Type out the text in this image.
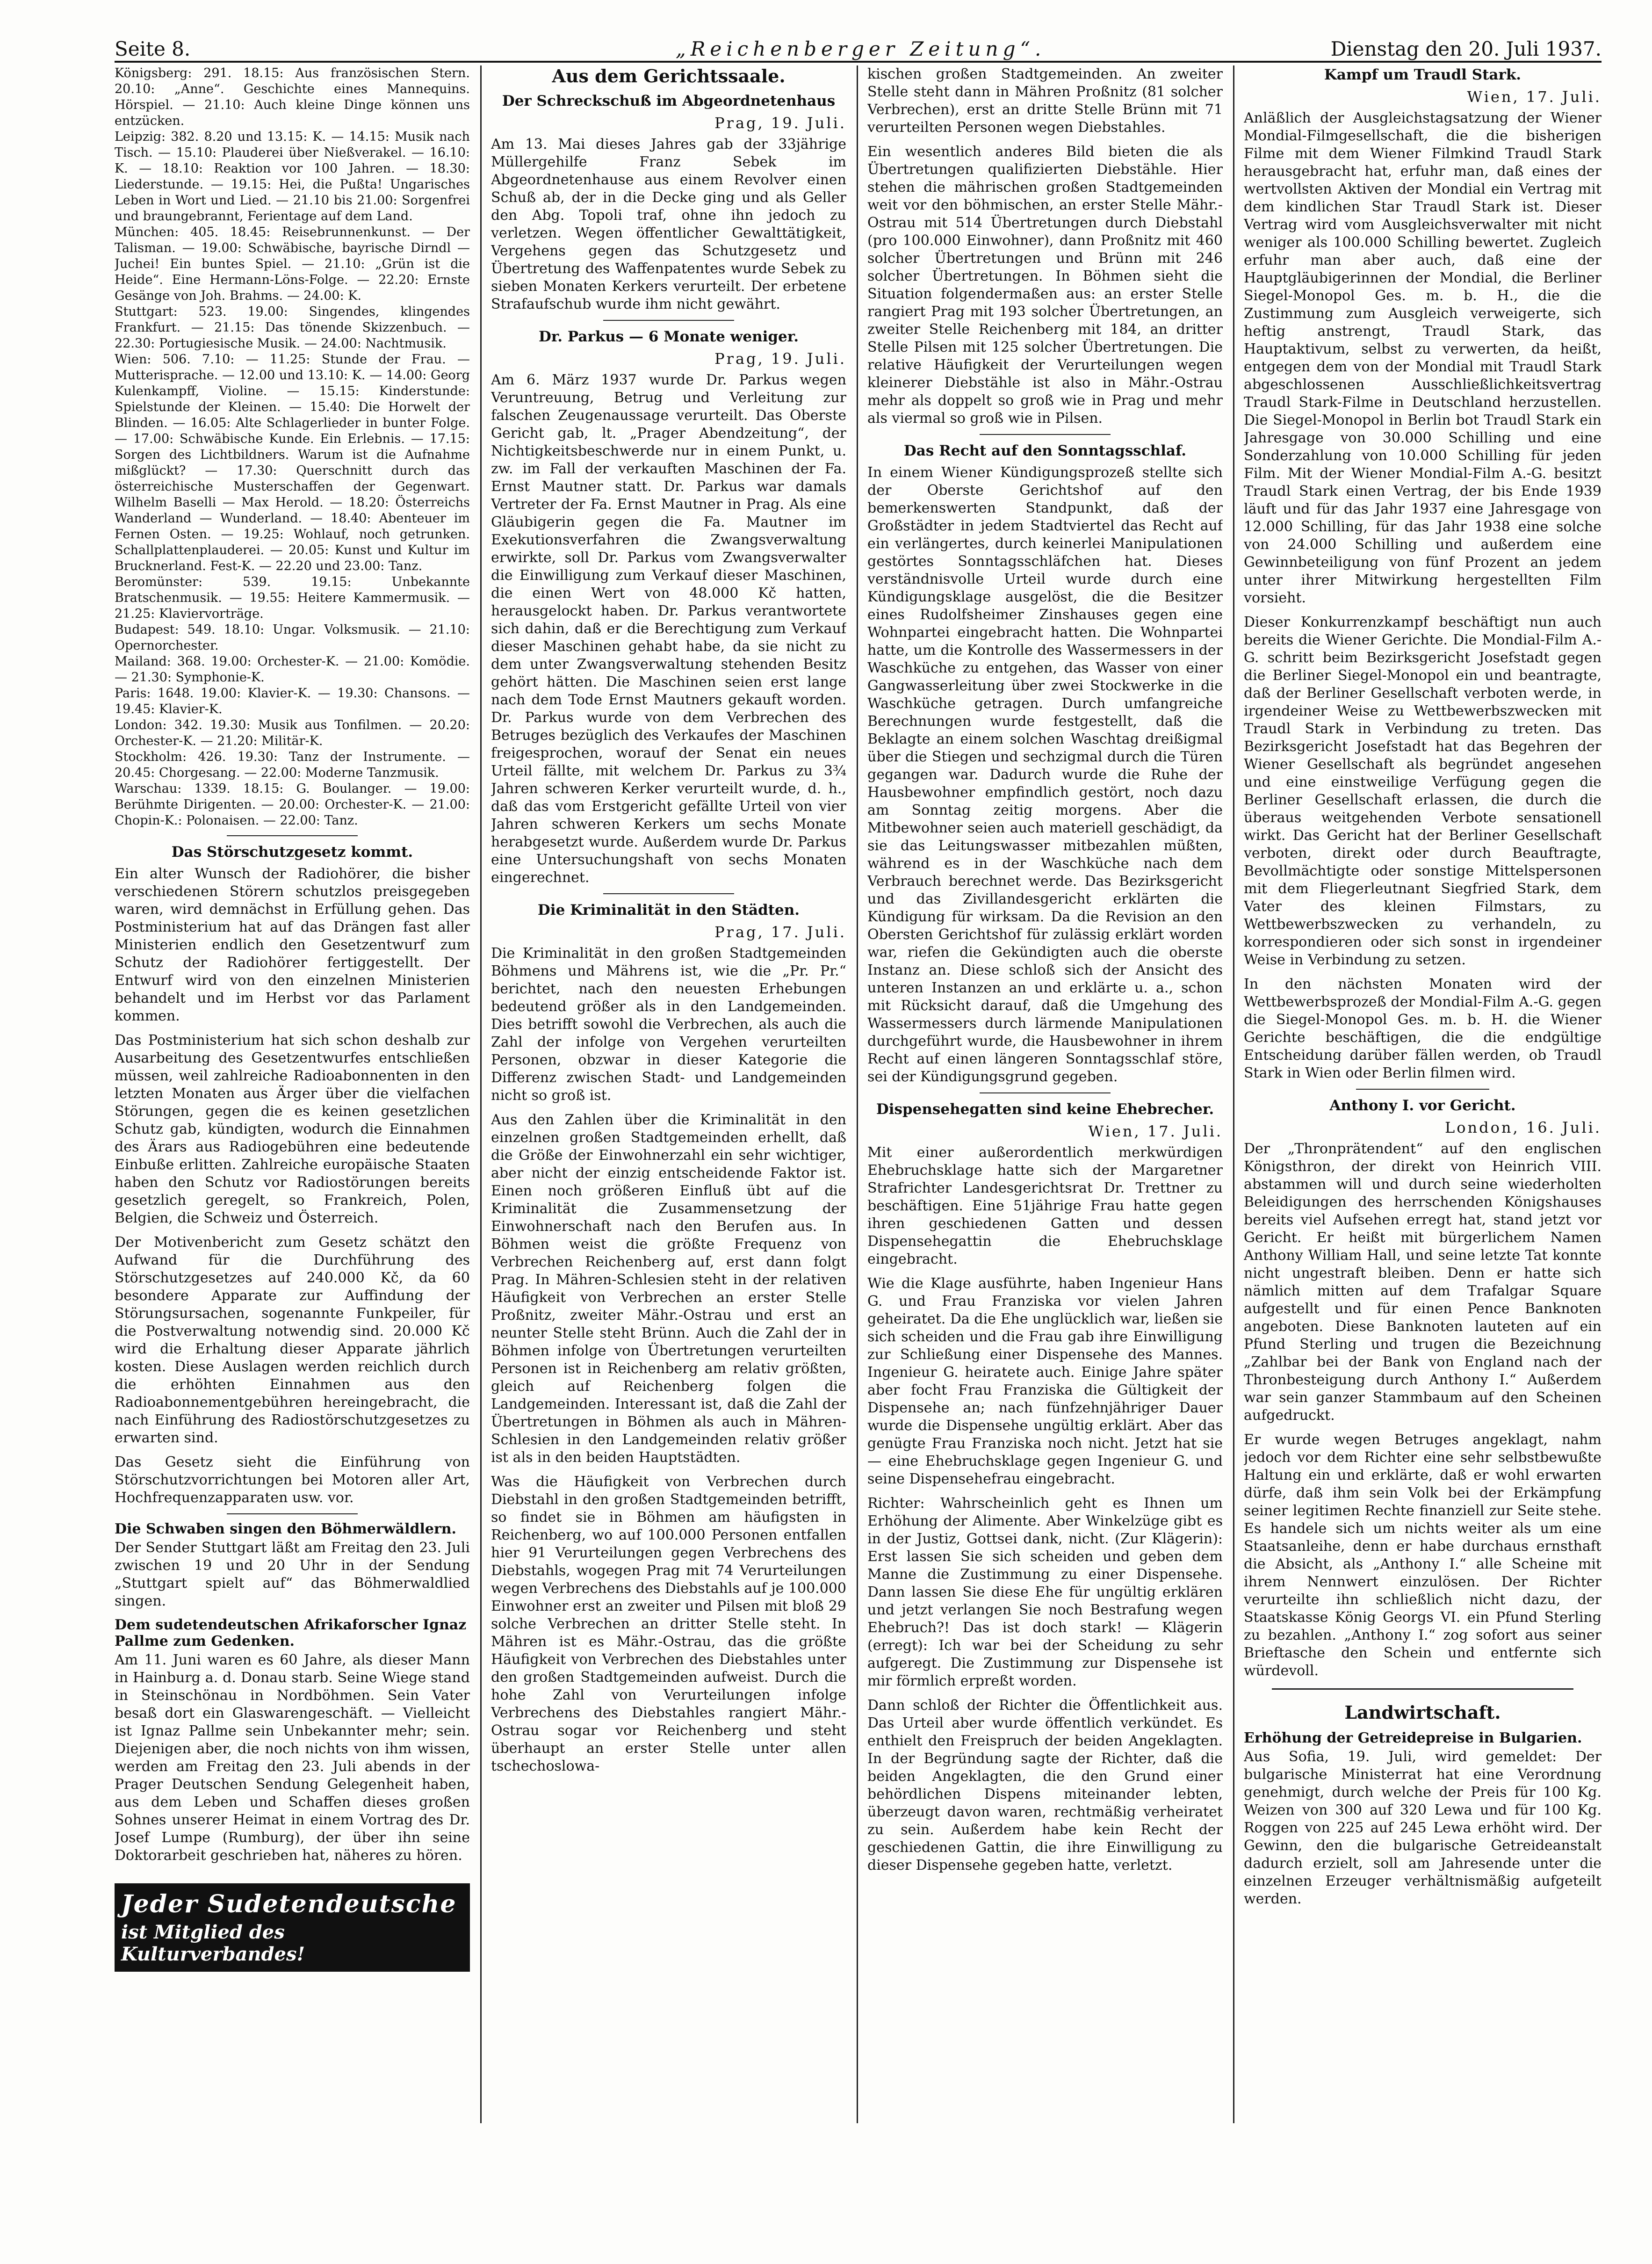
Seite 8.	„Reichenberger Zeitung“.	Dienstag den 20. Juli 1937.

Königsberg: 291. 18.15: Aus französischen Stern. 20.10: „Anne“. Geschichte eines Mannequins. Hörspiel. — 21.10: Auch kleine Dinge können uns entzücken.

Leipzig: 382. 8.20 und 13.15: K. — 14.15: Musik nach Tisch. — 15.10: Plauderei über Nießverakel. — 16.10: K. — 18.10: Reaktion vor 100 Jahren. — 18.30: Liederstunde. — 19.15: Hei, die Pußta! Ungarisches Leben in Wort und Lied. — 21.10 bis 21.00: Sorgenfrei und braungebrannt, Ferientage auf dem Land.

München: 405. 18.45: Reisebrunnenkunst. — Der Talisman. — 19.00: Schwäbische, bayrische Dirndl — Juchei! Ein buntes Spiel. — 21.10: „Grün ist die Heide“. Eine Hermann-Löns-Folge. — 22.20: Ernste Gesänge von Joh. Brahms. — 24.00: K.

Stuttgart: 523. 19.00: Singendes, klingendes Frankfurt. — 21.15: Das tönende Skizzenbuch. — 22.30: Portugiesische Musik. — 24.00: Nachtmusik.

Wien: 506. 7.10: — 11.25: Stunde der Frau. — Mutterisprache. — 12.00 und 13.10: K. — 14.00: Georg Kulenkampff, Violine. — 15.15: Kinderstunde: Spielstunde der Kleinen. — 15.40: Die Horwelt der Blinden. — 16.05: Alte Schlagerlieder in bunter Folge. — 17.00: Schwäbische Kunde. Ein Erlebnis. — 17.15: Sorgen des Lichtbildners. Warum ist die Aufnahme mißglückt? — 17.30: Querschnitt durch das österreichische Musterschaffen der Gegenwart. Wilhelm Baselli — Max Herold. — 18.20: Österreichs Wanderland — Wunderland. — 18.40: Abenteuer im Fernen Osten. — 19.25: Wohlauf, noch getrunken. Schallplattenplauderei. — 20.05: Kunst und Kultur im Brucknerland. Fest-K. — 22.20 und 23.00: Tanz.

Beromünster: 539. 19.15: Unbekannte Bratschenmusik. — 19.55: Heitere Kammermusik. — 21.25: Klaviervorträge.

Budapest: 549. 18.10: Ungar. Volksmusik. — 21.10: Opernorchester.

Mailand: 368. 19.00: Orchester-K. — 21.00: Komödie. — 21.30: Symphonie-K.

Paris: 1648. 19.00: Klavier-K. — 19.30: Chansons. — 19.45: Klavier-K.

London: 342. 19.30: Musik aus Tonfilmen. — 20.20: Orchester-K. — 21.20: Militär-K.

Stockholm: 426. 19.30: Tanz der Instrumente. — 20.45: Chorgesang. — 22.00: Moderne Tanzmusik.

Warschau: 1339. 18.15: G. Boulanger. — 19.00: Berühmte Dirigenten. — 20.00: Orchester-K. — 21.00: Chopin-K.: Polonaisen. — 22.00: Tanz.

Das Störschutzgesetz kommt.

Ein alter Wunsch der Radiohörer, die bisher verschiedenen Störern schutzlos preisgegeben waren, wird demnächst in Erfüllung gehen. Das Postministerium hat auf das Drängen fast aller Ministerien endlich den Gesetzentwurf zum Schutz der Radiohörer fertiggestellt. Der Entwurf wird von den einzelnen Ministerien behandelt und im Herbst vor das Parlament kommen.

Das Postministerium hat sich schon deshalb zur Ausarbeitung des Gesetzentwurfes entschließen müssen, weil zahlreiche Radioabonnenten in den letzten Monaten aus Ärger über die vielfachen Störungen, gegen die es keinen gesetzlichen Schutz gab, kündigten, wodurch die Einnahmen des Ärars aus Radiogebühren eine bedeutende Einbuße erlitten. Zahlreiche europäische Staaten haben den Schutz vor Radiostörungen bereits gesetzlich geregelt, so Frankreich, Polen, Belgien, die Schweiz und Österreich.

Der Motivenbericht zum Gesetz schätzt den Aufwand für die Durchführung des Störschutzgesetzes auf 240.000 Kč, da 60 besondere Apparate zur Auffindung der Störungsursachen, sogenannte Funkpeiler, für die Postverwaltung notwendig sind. 20.000 Kč wird die Erhaltung dieser Apparate jährlich kosten. Diese Auslagen werden reichlich durch die erhöhten Einnahmen aus den Radioabonnementgebühren hereingebracht, die nach Einführung des Radiostörschutzgesetzes zu erwarten sind.

Das Gesetz sieht die Einführung von Störschutzvorrichtungen bei Motoren aller Art, Hochfrequenzapparaten usw. vor.

Die Schwaben singen den Böhmerwäldlern.

Der Sender Stuttgart läßt am Freitag den 23. Juli zwischen 19 und 20 Uhr in der Sendung „Stuttgart spielt auf“ das Böhmerwaldlied singen.

Dem sudetendeutschen Afrikaforscher Ignaz Pallme zum Gedenken.

Am 11. Juni waren es 60 Jahre, als dieser Mann in Hainburg a. d. Donau starb. Seine Wiege stand in Steinschönau in Nordböhmen. Sein Vater besaß dort ein Glaswarengeschäft. — Vielleicht ist Ignaz Pallme sein Unbekannter mehr; sein. Diejenigen aber, die noch nichts von ihm wissen, werden am Freitag den 23. Juli abends in der Prager Deutschen Sendung Gelegenheit haben, aus dem Leben und Schaffen dieses großen Sohnes unserer Heimat in einem Vortrag des Dr. Josef Lumpe (Rumburg), der über ihn seine Doktorarbeit geschrieben hat, näheres zu hören.

Jeder Sudetendeutsche
ist Mitglied des Kulturverbandes!
Aus dem Gerichtssaale.
Der Schreckschuß im Abgeordnetenhaus
Prag, 19. Juli.

Am 13. Mai dieses Jahres gab der 33jährige Müllergehilfe Franz Sebek im Abgeordnetenhause aus einem Revolver einen Schuß ab, der in die Decke ging und als Geller den Abg. Topoli traf, ohne ihn jedoch zu verletzen. Wegen öffentlicher Gewalttätigkeit, Vergehens gegen das Schutzgesetz und Übertretung des Waffenpatentes wurde Sebek zu sieben Monaten Kerkers verurteilt. Der erbetene Strafaufschub wurde ihm nicht gewährt.

Dr. Parkus — 6 Monate weniger.
Prag, 19. Juli.

Am 6. März 1937 wurde Dr. Parkus wegen Veruntreuung, Betrug und Verleitung zur falschen Zeugenaussage verurteilt. Das Oberste Gericht gab, lt. „Prager Abendzeitung“, der Nichtigkeitsbeschwerde nur in einem Punkt, u. zw. im Fall der verkauften Maschinen der Fa. Ernst Mautner statt. Dr. Parkus war damals Vertreter der Fa. Ernst Mautner in Prag. Als eine Gläubigerin gegen die Fa. Mautner im Exekutionsverfahren die Zwangsverwaltung erwirkte, soll Dr. Parkus vom Zwangsverwalter die Einwilligung zum Verkauf dieser Maschinen, die einen Wert von 48.000 Kč hatten, herausgelockt haben. Dr. Parkus verantwortete sich dahin, daß er die Berechtigung zum Verkauf dieser Maschinen gehabt habe, da sie nicht zu dem unter Zwangsverwaltung stehenden Besitz gehört hätten. Die Maschinen seien erst lange nach dem Tode Ernst Mautners gekauft worden. Dr. Parkus wurde von dem Verbrechen des Betruges bezüglich des Verkaufes der Maschinen freigesprochen, worauf der Senat ein neues Urteil fällte, mit welchem Dr. Parkus zu 3¾ Jahren schweren Kerker verurteilt wurde, d. h., daß das vom Erstgericht gefällte Urteil von vier Jahren schweren Kerkers um sechs Monate herabgesetzt wurde. Außerdem wurde Dr. Parkus eine Untersuchungshaft von sechs Monaten eingerechnet.

Die Kriminalität in den Städten.
Prag, 17. Juli.

Die Kriminalität in den großen Stadtgemeinden Böhmens und Mährens ist, wie die „Pr. Pr.“ berichtet, nach den neuesten Erhebungen bedeutend größer als in den Landgemeinden. Dies betrifft sowohl die Verbrechen, als auch die Zahl der infolge von Vergehen verurteilten Personen, obzwar in dieser Kategorie die Differenz zwischen Stadt- und Landgemeinden nicht so groß ist.

Aus den Zahlen über die Kriminalität in den einzelnen großen Stadtgemeinden erhellt, daß die Größe der Einwohnerzahl ein sehr wichtiger, aber nicht der einzig entscheidende Faktor ist. Einen noch größeren Einfluß übt auf die Kriminalität die Zusammensetzung der Einwohnerschaft nach den Berufen aus. In Böhmen weist die größte Frequenz von Verbrechen Reichenberg auf, erst dann folgt Prag. In Mähren-Schlesien steht in der relativen Häufigkeit von Verbrechen an erster Stelle Proßnitz, zweiter Mähr.-Ostrau und erst an neunter Stelle steht Brünn. Auch die Zahl der in Böhmen infolge von Übertretungen verurteilten Personen ist in Reichenberg am relativ größten, gleich auf Reichenberg folgen die Landgemeinden. Interessant ist, daß die Zahl der Übertretungen in Böhmen als auch in Mähren-Schlesien in den Landgemeinden relativ größer ist als in den beiden Hauptstädten.

Was die Häufigkeit von Verbrechen durch Diebstahl in den großen Stadtgemeinden betrifft, so findet sie in Böhmen am häufigsten in Reichenberg, wo auf 100.000 Personen entfallen hier 91 Verurteilungen gegen Verbrechens des Diebstahls, wogegen Prag mit 74 Verurteilungen wegen Verbrechens des Diebstahls auf je 100.000 Einwohner erst an zweiter und Pilsen mit bloß 29 solche Verbrechen an dritter Stelle steht. In Mähren ist es Mähr.-Ostrau, das die größte Häufigkeit von Verbrechen des Diebstahles unter den großen Stadtgemeinden aufweist. Durch die hohe Zahl von Verurteilungen infolge Verbrechens des Diebstahles rangiert Mähr.-Ostrau sogar vor Reichenberg und steht überhaupt an erster Stelle unter allen tschechoslowa-

kischen großen Stadtgemeinden. An zweiter Stelle steht dann in Mähren Proßnitz (81 solcher Verbrechen), erst an dritte Stelle Brünn mit 71 verurteilten Personen wegen Diebstahles.

Ein wesentlich anderes Bild bieten die als Übertretungen qualifizierten Diebstähle. Hier stehen die mährischen großen Stadtgemeinden weit vor den böhmischen, an erster Stelle Mähr.-Ostrau mit 514 Übertretungen durch Diebstahl (pro 100.000 Einwohner), dann Proßnitz mit 460 solcher Übertretungen und Brünn mit 246 solcher Übertretungen. In Böhmen sieht die Situation folgendermaßen aus: an erster Stelle rangiert Prag mit 193 solcher Übertretungen, an zweiter Stelle Reichenberg mit 184, an dritter Stelle Pilsen mit 125 solcher Übertretungen. Die relative Häufigkeit der Verurteilungen wegen kleinerer Diebstähle ist also in Mähr.-Ostrau mehr als doppelt so groß wie in Prag und mehr als viermal so groß wie in Pilsen.

Das Recht auf den Sonntagsschlaf.

In einem Wiener Kündigungsprozeß stellte sich der Oberste Gerichtshof auf den bemerkenswerten Standpunkt, daß der Großstädter in jedem Stadtviertel das Recht auf ein verlängertes, durch keinerlei Manipulationen gestörtes Sonntagsschläfchen hat. Dieses verständnisvolle Urteil wurde durch eine Kündigungsklage ausgelöst, die die Besitzer eines Rudolfsheimer Zinshauses gegen eine Wohnpartei eingebracht hatten. Die Wohnpartei hatte, um die Kontrolle des Wassermessers in der Waschküche zu entgehen, das Wasser von einer Gangwasserleitung über zwei Stockwerke in die Waschküche getragen. Durch umfangreiche Berechnungen wurde festgestellt, daß die Beklagte an einem solchen Waschtag dreißigmal über die Stiegen und sechzigmal durch die Türen gegangen war. Dadurch wurde die Ruhe der Hausbewohner empfindlich gestört, noch dazu am Sonntag zeitig morgens. Aber die Mitbewohner seien auch materiell geschädigt, da sie das Leitungswasser mitbezahlen müßten, während es in der Waschküche nach dem Verbrauch berechnet werde. Das Bezirksgericht und das Zivillandesgericht erklärten die Kündigung für wirksam. Da die Revision an den Obersten Gerichtshof für zulässig erklärt worden war, riefen die Gekündigten auch die oberste Instanz an. Diese schloß sich der Ansicht des unteren Instanzen an und erklärte u. a., schon mit Rücksicht darauf, daß die Umgehung des Wassermessers durch lärmende Manipulationen durchgeführt wurde, die Hausbewohner in ihrem Recht auf einen längeren Sonntagsschlaf störe, sei der Kündigungsgrund gegeben.

Dispensehegatten sind keine Ehebrecher.
Wien, 17. Juli.

Mit einer außerordentlich merkwürdigen Ehebruchsklage hatte sich der Margaretner Strafrichter Landesgerichtsrat Dr. Trettner zu beschäftigen. Eine 51jährige Frau hatte gegen ihren geschiedenen Gatten und dessen Dispensehegattin die Ehebruchsklage eingebracht.

Wie die Klage ausführte, haben Ingenieur Hans G. und Frau Franziska vor vielen Jahren geheiratet. Da die Ehe unglücklich war, ließen sie sich scheiden und die Frau gab ihre Einwilligung zur Schließung einer Dispensehe des Mannes. Ingenieur G. heiratete auch. Einige Jahre später aber focht Frau Franziska die Gültigkeit der Dispensehe an; nach fünfzehnjähriger Dauer wurde die Dispensehe ungültig erklärt. Aber das genügte Frau Franziska noch nicht. Jetzt hat sie — eine Ehebruchsklage gegen Ingenieur G. und seine Dispensehefrau eingebracht.

Richter: Wahrscheinlich geht es Ihnen um Erhöhung der Alimente. Aber Winkelzüge gibt es in der Justiz, Gottsei dank, nicht. (Zur Klägerin): Erst lassen Sie sich scheiden und geben dem Manne die Zustimmung zu einer Dispensehe. Dann lassen Sie diese Ehe für ungültig erklären und jetzt verlangen Sie noch Bestrafung wegen Ehebruch?! Das ist doch stark! — Klägerin (erregt): Ich war bei der Scheidung zu sehr aufgeregt. Die Zustimmung zur Dispensehe ist mir förmlich erpreßt worden.

Dann schloß der Richter die Öffentlichkeit aus. Das Urteil aber wurde öffentlich verkündet. Es enthielt den Freispruch der beiden Angeklagten. In der Begründung sagte der Richter, daß die beiden Angeklagten, die den Grund einer behördlichen Dispens miteinander lebten, überzeugt davon waren, rechtmäßig verheiratet zu sein. Außerdem habe kein Recht der geschiedenen Gattin, die ihre Einwilligung zu dieser Dispensehe gegeben hatte, verletzt.

Kampf um Traudl Stark.
Wien, 17. Juli.

Anläßlich der Ausgleichstagsatzung der Wiener Mondial-Filmgesellschaft, die die bisherigen Filme mit dem Wiener Filmkind Traudl Stark herausgebracht hat, erfuhr man, daß eines der wertvollsten Aktiven der Mondial ein Vertrag mit dem kindlichen Star Traudl Stark ist. Dieser Vertrag wird vom Ausgleichsverwalter mit nicht weniger als 100.000 Schilling bewertet. Zugleich erfuhr man aber auch, daß eine der Hauptgläubigerinnen der Mondial, die Berliner Siegel-Monopol Ges. m. b. H., die die Zustimmung zum Ausgleich verweigerte, sich heftig anstrengt, Traudl Stark, das Hauptaktivum, selbst zu verwerten, da heißt, entgegen dem von der Mondial mit Traudl Stark abgeschlossenen Ausschließlichkeitsvertrag Traudl Stark-Filme in Deutschland herzustellen. Die Siegel-Monopol in Berlin bot Traudl Stark ein Jahresgage von 30.000 Schilling und eine Sonderzahlung von 10.000 Schilling für jeden Film. Mit der Wiener Mondial-Film A.-G. besitzt Traudl Stark einen Vertrag, der bis Ende 1939 läuft und für das Jahr 1937 eine Jahresgage von 12.000 Schilling, für das Jahr 1938 eine solche von 24.000 Schilling und außerdem eine Gewinnbeteiligung von fünf Prozent an jedem unter ihrer Mitwirkung hergestellten Film vorsieht.

Dieser Konkurrenzkampf beschäftigt nun auch bereits die Wiener Gerichte. Die Mondial-Film A.-G. schritt beim Bezirksgericht Josefstadt gegen die Berliner Siegel-Monopol ein und beantragte, daß der Berliner Gesellschaft verboten werde, in irgendeiner Weise zu Wettbewerbszwecken mit Traudl Stark in Verbindung zu treten. Das Bezirksgericht Josefstadt hat das Begehren der Wiener Gesellschaft als begründet angesehen und eine einstweilige Verfügung gegen die Berliner Gesellschaft erlassen, die durch die überaus weitgehenden Verbote sensationell wirkt. Das Gericht hat der Berliner Gesellschaft verboten, direkt oder durch Beauftragte, Bevollmächtigte oder sonstige Mittelspersonen mit dem Fliegerleutnant Siegfried Stark, dem Vater des kleinen Filmstars, zu Wettbewerbszwecken zu verhandeln, zu korrespondieren oder sich sonst in irgendeiner Weise in Verbindung zu setzen.

In den nächsten Monaten wird der Wettbewerbsprozeß der Mondial-Film A.-G. gegen die Siegel-Monopol Ges. m. b. H. die Wiener Gerichte beschäftigen, die die endgültige Entscheidung darüber fällen werden, ob Traudl Stark in Wien oder Berlin filmen wird.

Anthony I. vor Gericht.
London, 16. Juli.

Der „Thronprätendent“ auf den englischen Königsthron, der direkt von Heinrich VIII. abstammen will und durch seine wiederholten Beleidigungen des herrschenden Königshauses bereits viel Aufsehen erregt hat, stand jetzt vor Gericht. Er heißt mit bürgerlichem Namen Anthony William Hall, und seine letzte Tat konnte nicht ungestraft bleiben. Denn er hatte sich nämlich mitten auf dem Trafalgar Square aufgestellt und für einen Pence Banknoten angeboten. Diese Banknoten lauteten auf ein Pfund Sterling und trugen die Bezeichnung „Zahlbar bei der Bank von England nach der Thronbesteigung durch Anthony I.“ Außerdem war sein ganzer Stammbaum auf den Scheinen aufgedruckt.

Er wurde wegen Betruges angeklagt, nahm jedoch vor dem Richter eine sehr selbstbewußte Haltung ein und erklärte, daß er wohl erwarten dürfe, daß ihm sein Volk bei der Erkämpfung seiner legitimen Rechte finanziell zur Seite stehe. Es handele sich um nichts weiter als um eine Staatsanleihe, denn er habe durchaus ernsthaft die Absicht, als „Anthony I.“ alle Scheine mit ihrem Nennwert einzulösen. Der Richter verurteilte ihn schließlich nicht dazu, der Staatskasse König Georgs VI. ein Pfund Sterling zu bezahlen. „Anthony I.“ zog sofort aus seiner Brieftasche den Schein und entfernte sich würdevoll.

Landwirtschaft.
Erhöhung der Getreidepreise in Bulgarien.

Aus Sofia, 19. Juli, wird gemeldet: Der bulgarische Ministerrat hat eine Verordnung genehmigt, durch welche der Preis für 100 Kg. Weizen von 300 auf 320 Lewa und für 100 Kg. Roggen von 225 auf 245 Lewa erhöht wird. Der Gewinn, den die bulgarische Getreideanstalt dadurch erzielt, soll am Jahresende unter die einzelnen Erzeuger verhältnismäßig aufgeteilt werden.
